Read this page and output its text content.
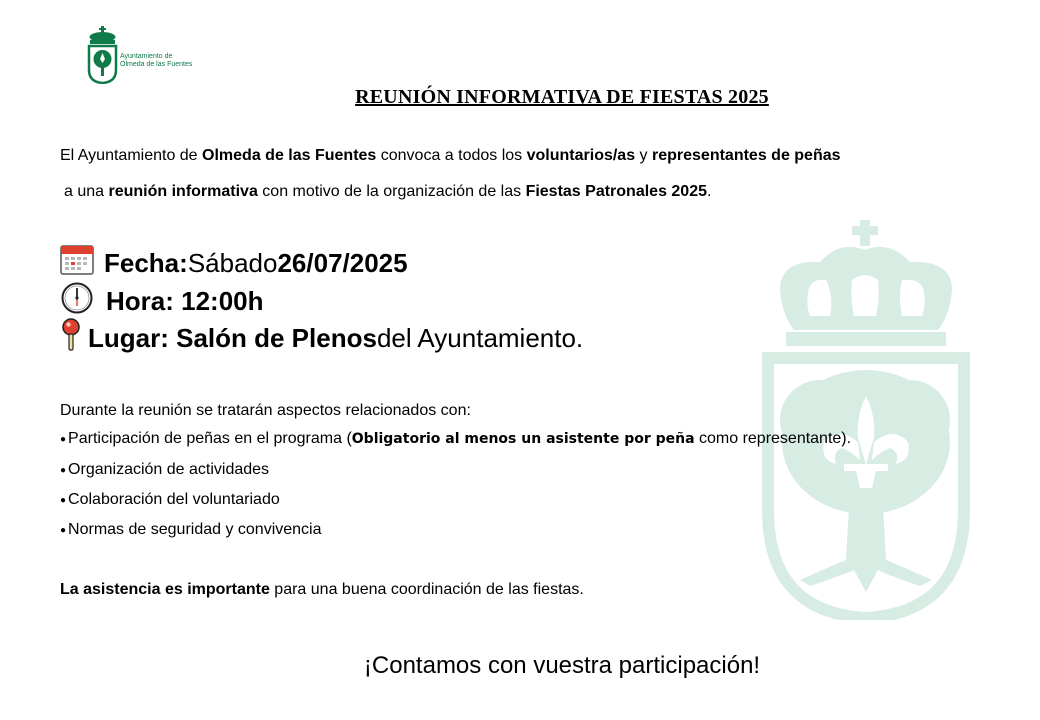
Ayuntamiento de
Olmeda de las Fuentes
REUNIÓN INFORMATIVA DE FIESTAS 2025
El Ayuntamiento de Olmeda de las Fuentes convoca a todos los voluntarios/as y representantes de peñas
a una reunión informativa con motivo de la organización de las Fiestas Patronales 2025.
Fecha: Sábado 26/07/2025
Hora: 12:00h
Lugar: Salón de Plenos del Ayuntamiento.
Durante la reunión se tratarán aspectos relacionados con:
● Participación de peñas en el programa (Obligatorio al menos un asistente por peña como representante).
● Organización de actividades
● Colaboración del voluntariado
● Normas de seguridad y convivencia
La asistencia es importante para una buena coordinación de las fiestas.
¡Contamos con vuestra participación!
